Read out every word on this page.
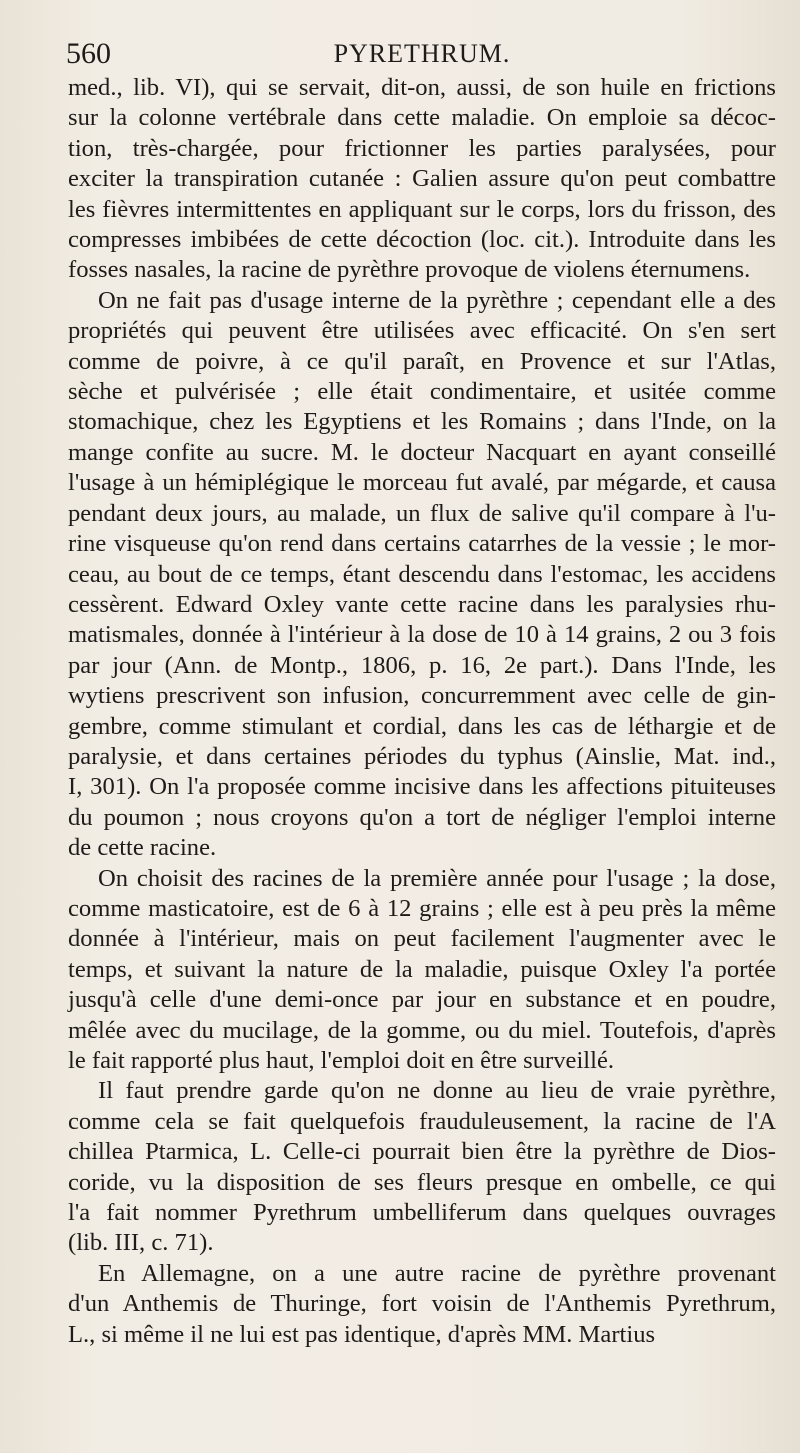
560	PYRETHRUM.
med., lib. VI), qui se servait, dit-on, aussi, de son huile en frictions
sur la colonne vertébrale dans cette maladie. On emploie sa décoc-
tion, très-chargée, pour frictionner les parties paralysées, pour
exciter la transpiration cutanée : Galien assure qu'on peut combattre
les fièvres intermittentes en appliquant sur le corps, lors du frisson, des
compresses imbibées de cette décoction (loc. cit.). Introduite dans les
fosses nasales, la racine de pyrèthre provoque de violens éternumens.
On ne fait pas d'usage interne de la pyrèthre ; cependant elle a des
propriétés qui peuvent être utilisées avec efficacité. On s'en sert
comme de poivre, à ce qu'il paraît, en Provence et sur l'Atlas,
sèche et pulvérisée ; elle était condimentaire, et usitée comme
stomachique, chez les Egyptiens et les Romains ; dans l'Inde, on la
mange confite au sucre. M. le docteur Nacquart en ayant conseillé
l'usage à un hémiplégique le morceau fut avalé, par mégarde, et causa
pendant deux jours, au malade, un flux de salive qu'il compare à l'u-
rine visqueuse qu'on rend dans certains catarrhes de la vessie ; le mor-
ceau, au bout de ce temps, étant descendu dans l'estomac, les accidens
cessèrent. Edward Oxley vante cette racine dans les paralysies rhu-
matismales, donnée à l'intérieur à la dose de 10 à 14 grains, 2 ou 3 fois
par jour (Ann. de Montp., 1806, p. 16, 2e part.). Dans l'Inde, les
wytiens prescrivent son infusion, concurremment avec celle de gin-
gembre, comme stimulant et cordial, dans les cas de léthargie et de
paralysie, et dans certaines périodes du typhus (Ainslie, Mat. ind.,
I, 301). On l'a proposée comme incisive dans les affections pituiteuses
du poumon ; nous croyons qu'on a tort de négliger l'emploi interne
de cette racine.
On choisit des racines de la première année pour l'usage ; la dose,
comme masticatoire, est de 6 à 12 grains ; elle est à peu près la même
donnée à l'intérieur, mais on peut facilement l'augmenter avec le
temps, et suivant la nature de la maladie, puisque Oxley l'a portée
jusqu'à celle d'une demi-once par jour en substance et en poudre,
mêlée avec du mucilage, de la gomme, ou du miel. Toutefois, d'après
le fait rapporté plus haut, l'emploi doit en être surveillé.
Il faut prendre garde qu'on ne donne au lieu de vraie pyrèthre,
comme cela se fait quelquefois frauduleusement, la racine de l'A
chillea Ptarmica, L. Celle-ci pourrait bien être la pyrèthre de Dios-
coride, vu la disposition de ses fleurs presque en ombelle, ce qui
l'a fait nommer Pyrethrum umbelliferum dans quelques ouvrages
(lib. III, c. 71).
En Allemagne, on a une autre racine de pyrèthre provenant
d'un Anthemis de Thuringe, fort voisin de l'Anthemis Pyrethrum,
L., si même il ne lui est pas identique, d'après MM. Martius
